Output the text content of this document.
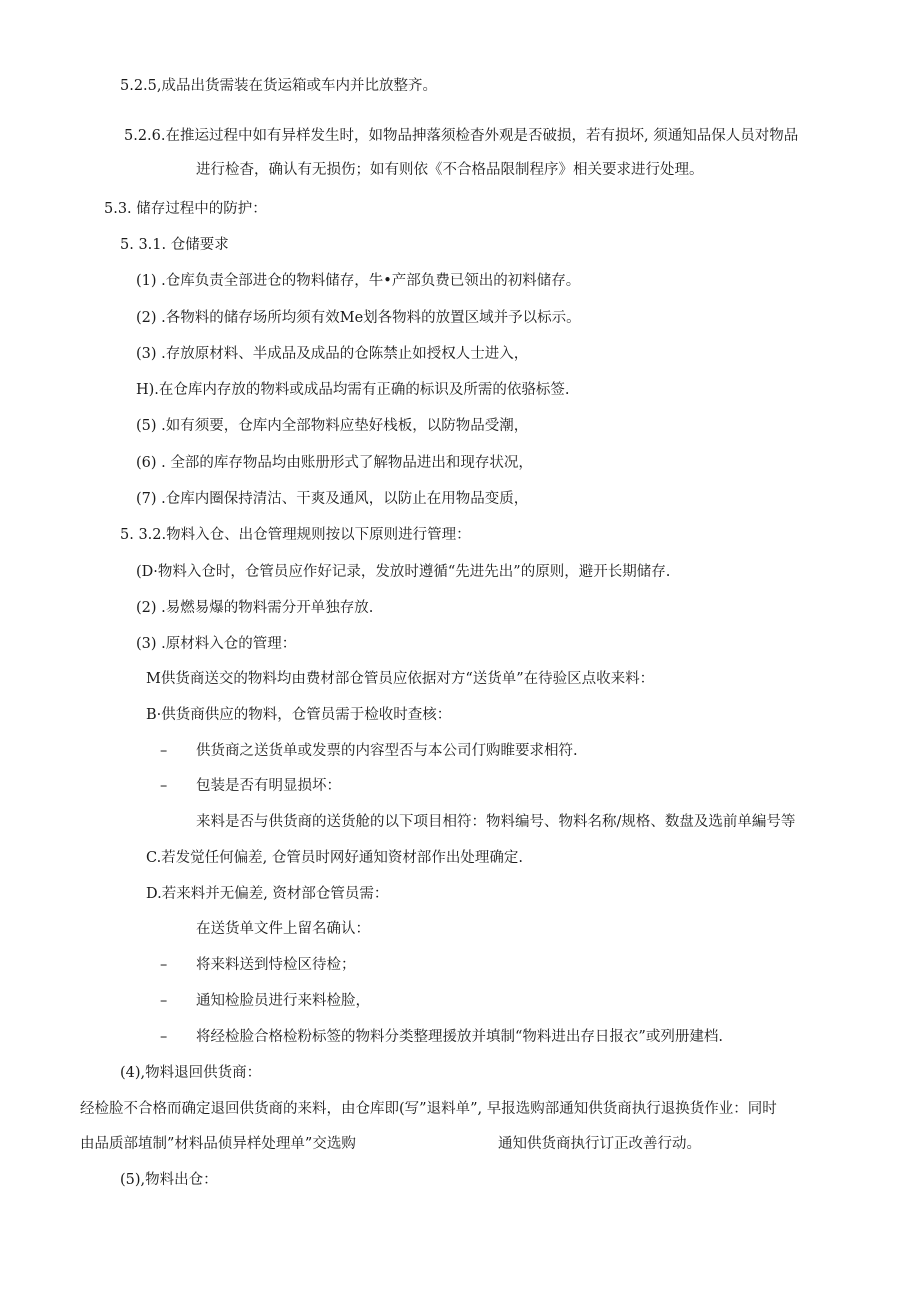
5.2.5,成品出货需装在货运箱或车内并比放整齐。
5.2.6.在推运过程中如有异样发生时，如物品抻落须检杳外观是否破损，若有损坏, 须通知品保人员对物品
进行检杳，确认有无损伤；如有则依《不合格品限制程序》相关要求进行处理。
5.3. 储存过程中的防护：
5. 3.1. 仓储要求
(1) .仓库负责全部进仓的物料储存，牛•产部负费已领出的初料储存。
(2) .各物料的储存场所均须有效Me划各物料的放置区域并予以标示。
(3) .存放原材料、半成品及成品的仓陈禁止如授权人士进入，
H).在仓库内存放的物料或成品均需有正确的标识及所需的依骆标签.
(5) .如有须要，仓库内全部物料应垫好栈板，以防物品受潮，
(6) . 全部的库存物品均由账册形式了解物品进出和现存状况，
(7) .仓库内圈保持清沽、干爽及通风，以防止在用物品变质，
5. 3.2.物料入仓、出仓管理规则按以下原则进行管理：
(D·物料入仓时，仓管员应作好记录，发放时遵循“先进先出”的原则，避开长期储存.
(2) .易燃易爆的物料需分开单独存放.
(3) .原材料入仓的管理：
M供货商送交的物料均由费材部仓管员应依据对方“送货单”在待验区点收来料：
B·供货商供应的物料，仓管员需于检收时查核：
– 供货商之送货单或发票的内容型否与本公司仃购睢要求相符.
– 包装是否有明显损坏：
来料是否与供货商的送货舱的以下项目相符：物料编号、物料名称/规格、数盘及选前单編号等
C.若发觉任何偏差, 仓管员时网好通知资材部作出处理确定.
D.若来料并无偏差, 资材部仓管员需：
在送货单文件上留名确认：
– 将来料送到恃检区待检；
– 通知检脸员进行来料检脸，
– 将经检脸合格检粉标签的物料分类整理援放并填制“物料进出存日报衣”或列册建档.
(4),物料退回供货商：
经检脸不合格而确定退回供货商的来料，由仓库即(写”退料单”, 早报选购部通知供货商执行退换货作业：同时
由品质部埴制”材料品侦异样处理单”交选购	通知供货商执行订正改善行动。
(5),物料出仓：
